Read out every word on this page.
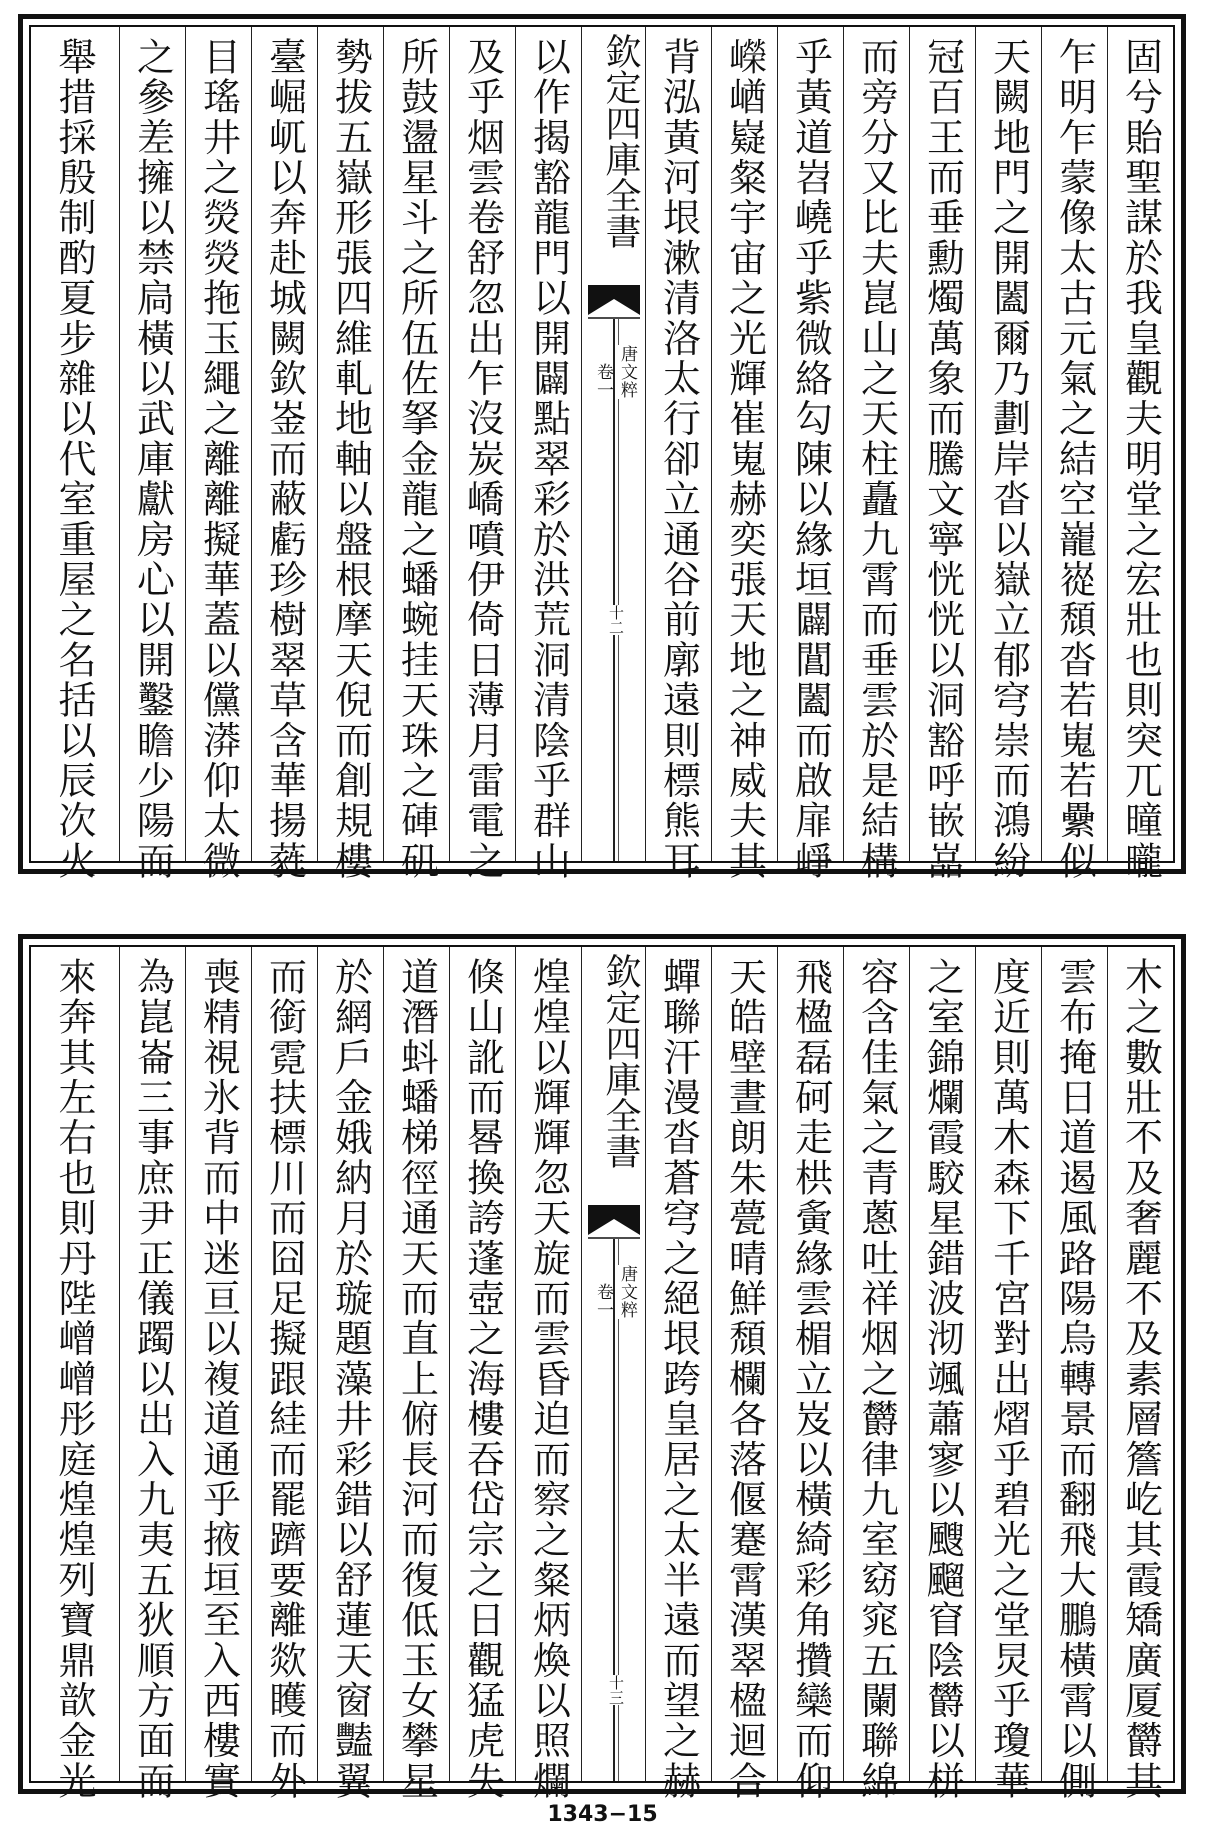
固兮貽聖謀於我皇觀夫明堂之宏壯也則突兀曈曨
乍明乍蒙像太古元氣之結空巃嵸頹沓若嵬若纍似
天闕地門之開闔爾乃劃岸沓以嶽立郁穹崇而鴻紛
冠百王而垂勳燭萬象而騰文寧恍恍以洞豁呼嵌嵓
而旁分又比夫崑山之天柱矗九霄而垂雲於是結構
乎黃道岧嶢乎紫微絡勾陳以緣垣闢閶闔而啟扉崢
嶸崷嶷粲宇宙之光輝崔嵬赫奕張天地之神威夫其
背泓黃河垠漱清洛太行卻立通谷前廓遠則標熊耳
欽定四庫全書
唐文粹
卷一
十二
以作揭豁龍門以開闢點翠彩於洪荒洞清陰乎群山
及乎烟雲卷舒忽出乍沒炭嶠噴伊倚日薄月雷電之
所鼓盪星斗之所伍佐拏金龍之蟠蜿挂天珠之硨矶
勢拔五嶽形張四維軋地軸以盤根摩天倪而創規樓
臺崛屼以奔赴城闕欽崟而蔽虧珍樹翠草含華揚蕤
目瑤井之熒熒拖玉繩之離離擬華蓋以儻漭仰太微
之參差擁以禁扃橫以武庫獻房心以開鑿瞻少陽而
舉措採殷制酌夏步雜以代室重屋之名括以辰次火
木之數壯不及奢麗不及素層簷屹其霞矯廣厦欝其
雲布掩日道遏風路陽烏轉景而翻飛大鵬橫霄以側
度近則萬木森下千宮對出熠乎碧光之堂炅乎瓊華
之室錦爛霞駮星錯波沏颯蕭寥以颼飀窅陰欝以栟
容含佳氣之青蔥吐祥烟之欝律九室窈窕五闌聯綿
飛楹磊砢走栱夤緣雲楣立岌以橫綺彩角攢欒而仰
天皓壁晝朗朱甍晴鮮頹欄各落偃蹇霄漢翠楹迴合
蟬聯汗漫沓蒼穹之絕垠跨皇居之太半遠而望之赫
欽定四庫全書
唐文粹
卷一
十三
煌煌以輝輝忽天旋而雲昏迫而察之粲炳煥以照爛
倏山訛而晷換誇蓬壺之海樓吞岱宗之日觀猛虎失
道潛蚪蟠梯徑通天而直上俯長河而復低玉女攀星
於網戶金娥納月於璇題藻井彩錯以舒蓮天窗豔翼
而銜霓扶標川而囧足擬跟絓而罷躋要離欻矆而外
喪精視氷背而中迷亘以複道通乎掖垣至入西樓實
為崑崙三事庶尹正儀躅以出入九夷五狄順方面而
來奔其左右也則丹陛嶒嶒彤庭煌煌列寶鼎歆金光
1343−15
